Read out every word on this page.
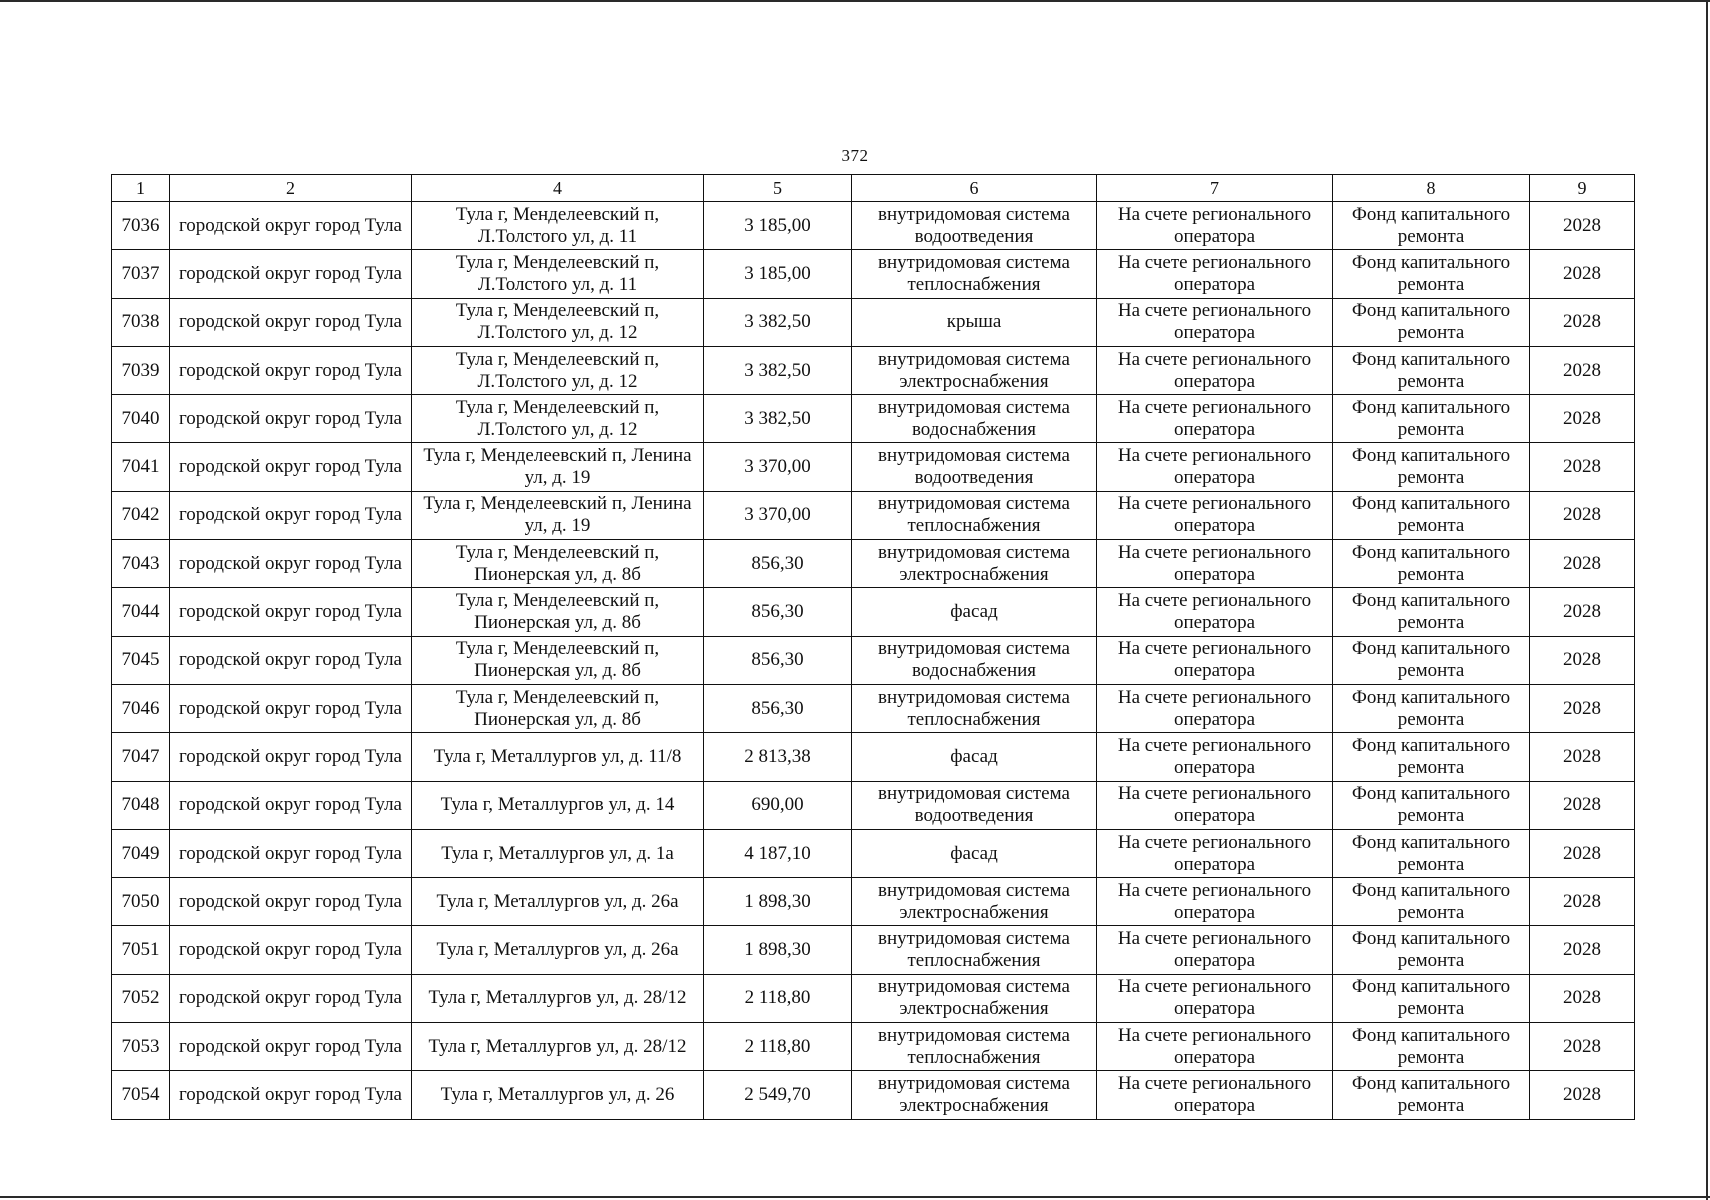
372
1	2	4	5	6	7	8	9
7036	городской округ город Тула	Тула г, Менделеевский п, Л.Толстого ул, д. 11	3 185,00	внутридомовая система водоотведения	На счете регионального оператора	Фонд капитального ремонта	2028
7037	городской округ город Тула	Тула г, Менделеевский п, Л.Толстого ул, д. 11	3 185,00	внутридомовая система теплоснабжения	На счете регионального оператора	Фонд капитального ремонта	2028
7038	городской округ город Тула	Тула г, Менделеевский п, Л.Толстого ул, д. 12	3 382,50	крыша	На счете регионального оператора	Фонд капитального ремонта	2028
7039	городской округ город Тула	Тула г, Менделеевский п, Л.Толстого ул, д. 12	3 382,50	внутридомовая система электроснабжения	На счете регионального оператора	Фонд капитального ремонта	2028
7040	городской округ город Тула	Тула г, Менделеевский п, Л.Толстого ул, д. 12	3 382,50	внутридомовая система водоснабжения	На счете регионального оператора	Фонд капитального ремонта	2028
7041	городской округ город Тула	Тула г, Менделеевский п, Ленина ул, д. 19	3 370,00	внутридомовая система водоотведения	На счете регионального оператора	Фонд капитального ремонта	2028
7042	городской округ город Тула	Тула г, Менделеевский п, Ленина ул, д. 19	3 370,00	внутридомовая система теплоснабжения	На счете регионального оператора	Фонд капитального ремонта	2028
7043	городской округ город Тула	Тула г, Менделеевский п, Пионерская ул, д. 8б	856,30	внутридомовая система электроснабжения	На счете регионального оператора	Фонд капитального ремонта	2028
7044	городской округ город Тула	Тула г, Менделеевский п, Пионерская ул, д. 8б	856,30	фасад	На счете регионального оператора	Фонд капитального ремонта	2028
7045	городской округ город Тула	Тула г, Менделеевский п, Пионерская ул, д. 8б	856,30	внутридомовая система водоснабжения	На счете регионального оператора	Фонд капитального ремонта	2028
7046	городской округ город Тула	Тула г, Менделеевский п, Пионерская ул, д. 8б	856,30	внутридомовая система теплоснабжения	На счете регионального оператора	Фонд капитального ремонта	2028
7047	городской округ город Тула	Тула г, Металлургов ул, д. 11/8	2 813,38	фасад	На счете регионального оператора	Фонд капитального ремонта	2028
7048	городской округ город Тула	Тула г, Металлургов ул, д. 14	690,00	внутридомовая система водоотведения	На счете регионального оператора	Фонд капитального ремонта	2028
7049	городской округ город Тула	Тула г, Металлургов ул, д. 1а	4 187,10	фасад	На счете регионального оператора	Фонд капитального ремонта	2028
7050	городской округ город Тула	Тула г, Металлургов ул, д. 26а	1 898,30	внутридомовая система электроснабжения	На счете регионального оператора	Фонд капитального ремонта	2028
7051	городской округ город Тула	Тула г, Металлургов ул, д. 26а	1 898,30	внутридомовая система теплоснабжения	На счете регионального оператора	Фонд капитального ремонта	2028
7052	городской округ город Тула	Тула г, Металлургов ул, д. 28/12	2 118,80	внутридомовая система электроснабжения	На счете регионального оператора	Фонд капитального ремонта	2028
7053	городской округ город Тула	Тула г, Металлургов ул, д. 28/12	2 118,80	внутридомовая система теплоснабжения	На счете регионального оператора	Фонд капитального ремонта	2028
7054	городской округ город Тула	Тула г, Металлургов ул, д. 26	2 549,70	внутридомовая система электроснабжения	На счете регионального оператора	Фонд капитального ремонта	2028
